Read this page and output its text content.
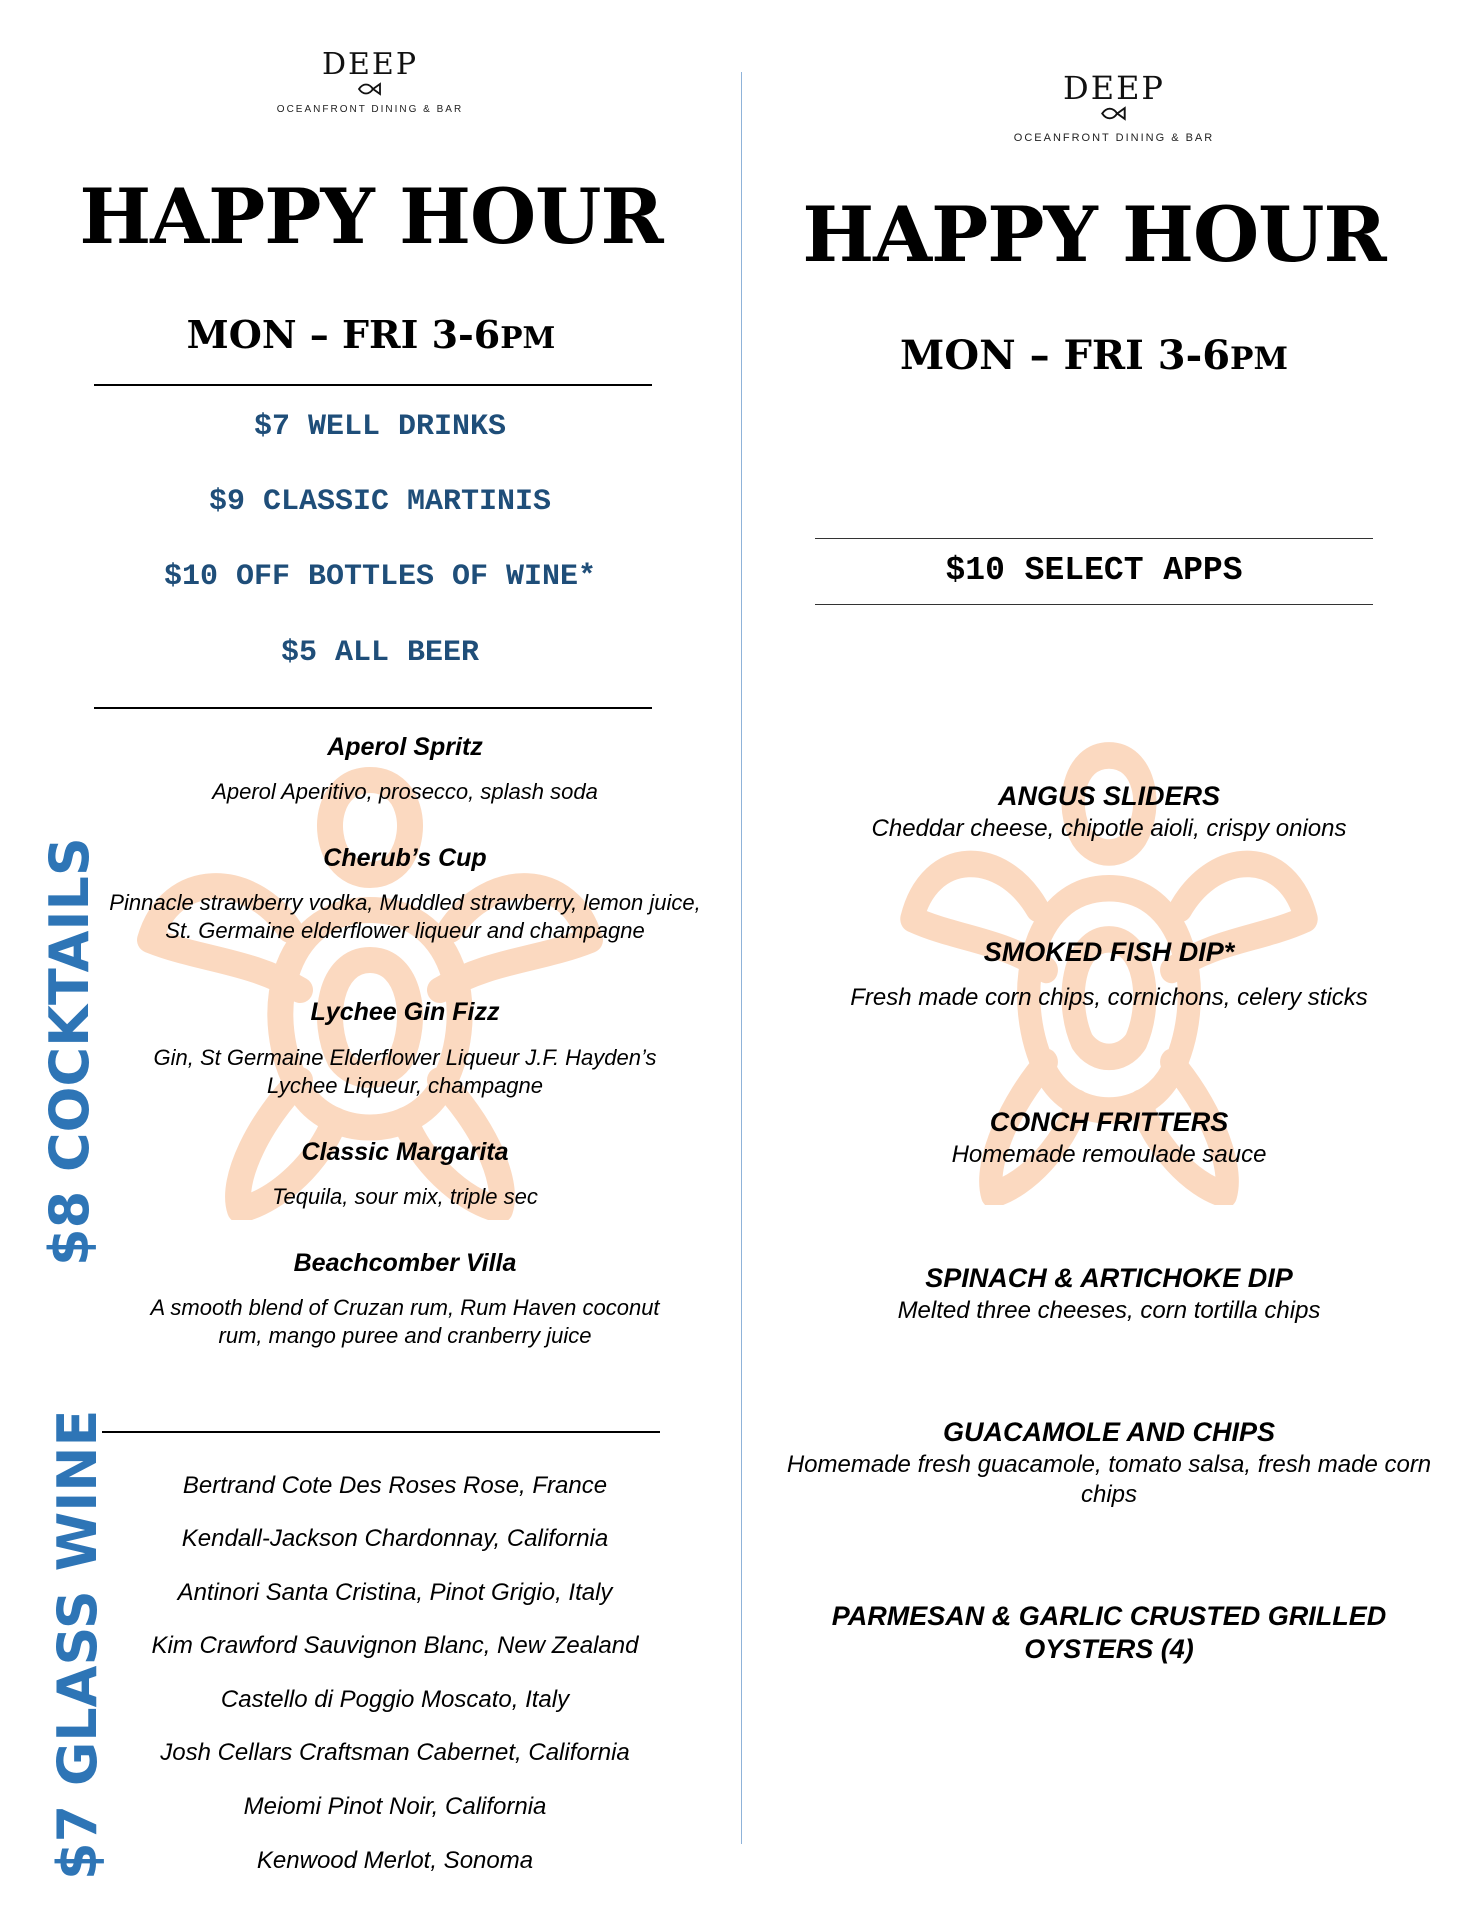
DEEP
OCEANFRONT DINING & BAR
HAPPY HOUR
MON – FRI 3-6PM
$7 WELL DRINKS
$9 CLASSIC MARTINIS
$10 OFF BOTTLES OF WINE*
$5 ALL BEER
Aperol Spritz
Aperol Aperitivo, prosecco, splash soda
Cherub’s Cup
Pinnacle strawberry vodka, Muddled strawberry, lemon juice, St. Germaine elderflower liqueur and champagne
Lychee Gin Fizz
Gin, St Germaine Elderflower Liqueur J.F. Hayden’s Lychee Liqueur, champagne
Classic Margarita
Tequila, sour mix, triple sec
Beachcomber Villa
A smooth blend of Cruzan rum, Rum Haven coconut rum, mango puree and cranberry juice
$8 COCKTAILS
$7 GLASS WINE	Bertrand Cote Des Roses Rose, France
Kendall-Jackson Chardonnay, California
Antinori Santa Cristina, Pinot Grigio, Italy
Kim Crawford Sauvignon Blanc, New Zealand
Castello di Poggio Moscato, Italy
Josh Cellars Craftsman Cabernet, California
Meiomi Pinot Noir, California
Kenwood Merlot, Sonoma
DEEP
OCEANFRONT DINING & BAR
HAPPY HOUR
MON – FRI 3-6PM
$10 SELECT APPS
ANGUS SLIDERS
Cheddar cheese, chipotle aioli, crispy onions
SMOKED FISH DIP*
Fresh made corn chips, cornichons, celery sticks
CONCH FRITTERS
Homemade remoulade sauce
SPINACH & ARTICHOKE DIP
Melted three cheeses, corn tortilla chips
GUACAMOLE AND CHIPS
Homemade fresh guacamole, tomato salsa, fresh made corn chips
PARMESAN & GARLIC CRUSTED GRILLED OYSTERS (4)
